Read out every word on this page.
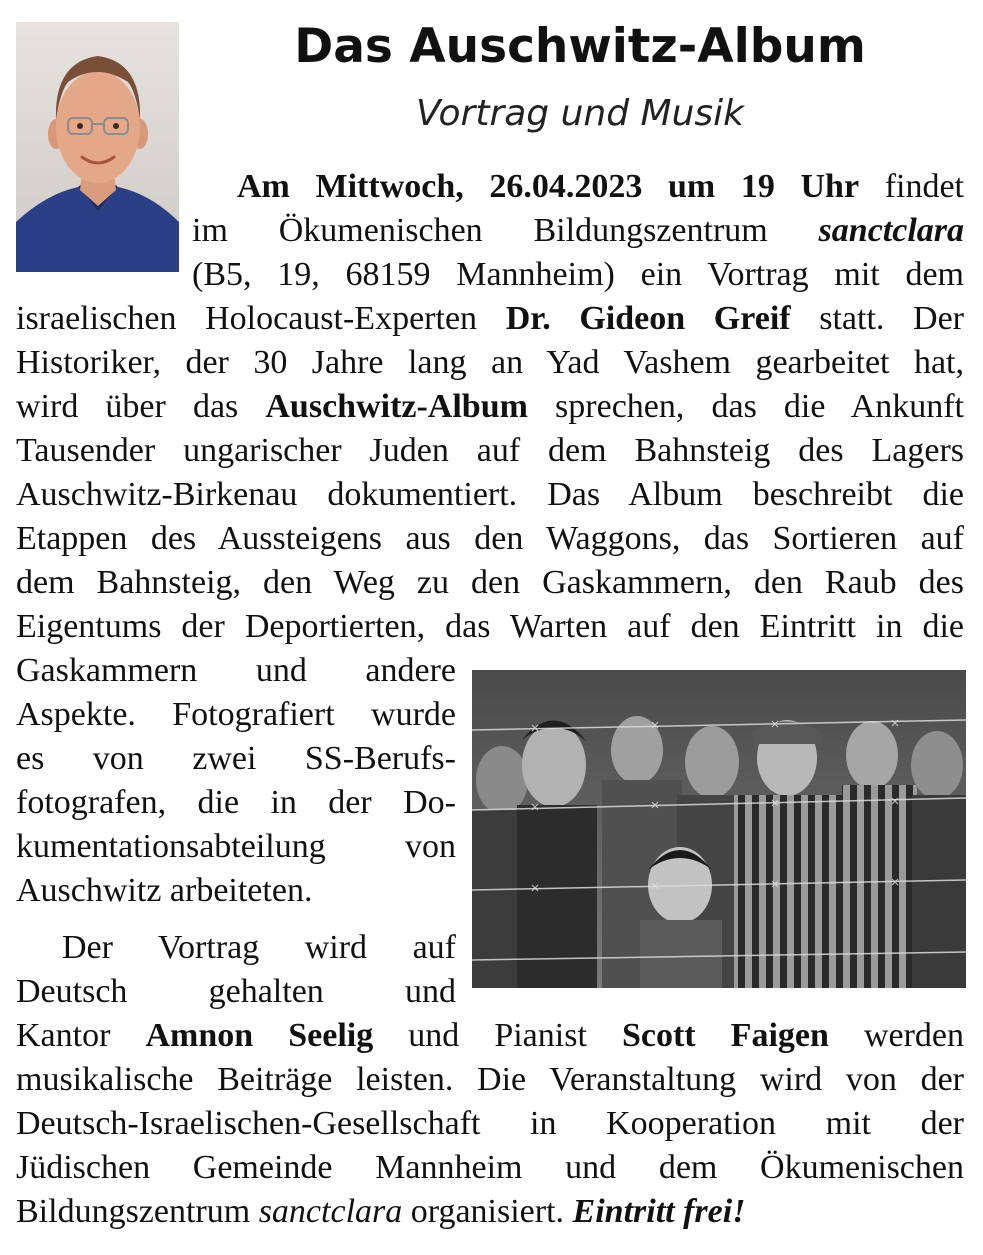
Das Auschwitz-Album

Vortrag und Musik

Am Mittwoch, 26.04.2023 um 19 Uhr findet

im Ökumenischen Bildungszentrum sanctclara

(B5, 19, 68159 Mannheim) ein Vortrag mit dem

israelischen Holocaust-Experten Dr. Gideon Greif statt. Der

Historiker, der 30 Jahre lang an Yad Vashem gearbeitet hat,

wird über das Auschwitz-Album sprechen, das die Ankunft

Tausender ungarischer Juden auf dem Bahnsteig des Lagers

Auschwitz-Birkenau dokumentiert. Das Album beschreibt die

Etappen des Aussteigens aus den Waggons, das Sortieren auf

dem Bahnsteig, den Weg zu den Gaskammern, den Raub des

Eigentums der Deportierten, das Warten auf den Eintritt in die

Gaskammern und andere

Aspekte. Fotografiert wurde

es von zwei SS-Berufs-

fotografen, die in der Do-

kumentationsabteilung von

Auschwitz arbeiteten.

Der Vortrag wird auf

Deutsch gehalten und

Kantor Amnon Seelig und Pianist Scott Faigen werden

musikalische Beiträge leisten. Die Veranstaltung wird von der

Deutsch-Israelischen-Gesellschaft in Kooperation mit der

Jüdischen Gemeinde Mannheim und dem Ökumenischen

Bildungszentrum sanctclara organisiert. Eintritt frei!
